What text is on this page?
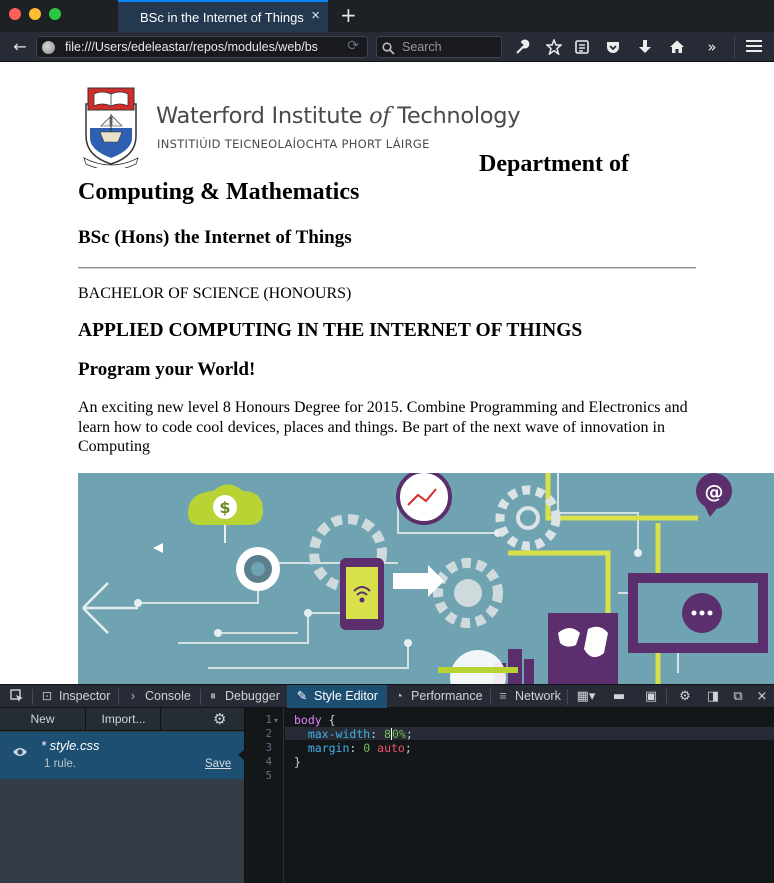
BSc in the Internet of Things × +
←	file:///Users/edeleastar/repos/modules/web/bs	⟳	Search	»
Waterford Institute of Technology
INSTITIÚID TEICNEOLAÍOCHTA PHORT LÁIRGE
Department of
Computing & Mathematics
BSc (Hons) the Internet of Things
BACHELOR OF SCIENCE (HONOURS)
APPLIED COMPUTING IN THE INTERNET OF THINGS
Program your World!
An exciting new level 8 Honours Degree for 2015. Combine Programming and Electronics and learn how to code cool devices, places and things. Be part of the next wave of innovation in Computing
$
@
⊡ Inspector	› Console	⏸ Debugger	✎ Style Editor	◔ Performance ≡ Network ▦▾ ▬ ▣	⚙	◨	⧉	×
New	Import...	⚙
* style.css
1 rule.	Save
1 ▾
2
3
4
5
body {
max-width: 80%;
margin: 0 auto;
}
